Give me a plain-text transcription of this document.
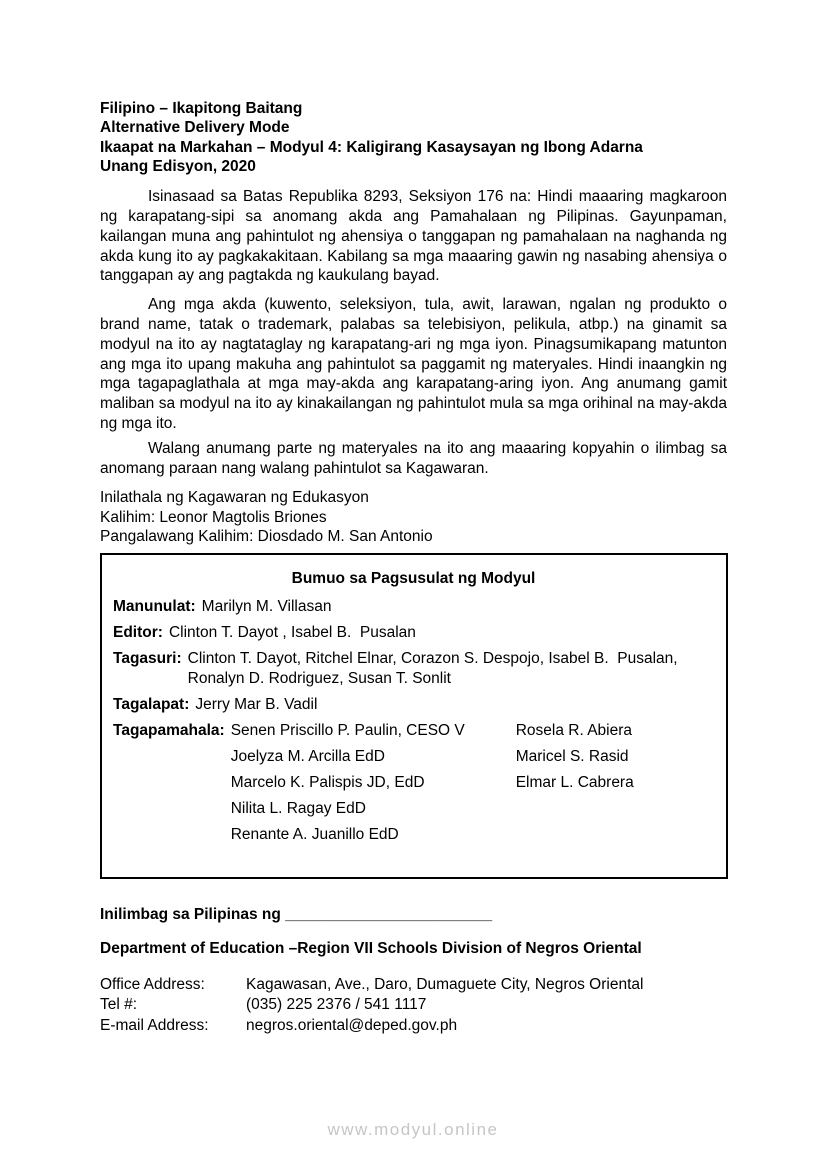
Filipino – Ikapitong Baitang
Alternative Delivery Mode
Ikaapat na Markahan – Modyul 4: Kaligirang Kasaysayan ng Ibong Adarna
Unang Edisyon, 2020

Isinasaad sa Batas Republika 8293, Seksiyon 176 na: Hindi maaaring magkaroon ng karapatang-sipi sa anomang akda ang Pamahalaan ng Pilipinas. Gayunpaman, kailangan muna ang pahintulot ng ahensiya o tanggapan ng pamahalaan na naghanda ng akda kung ito ay pagkakakitaan. Kabilang sa mga maaaring gawin ng nasabing ahensiya o tanggapan ay ang pagtakda ng kaukulang bayad.

Ang mga akda (kuwento, seleksiyon, tula, awit, larawan, ngalan ng produkto o brand name, tatak o trademark, palabas sa telebisiyon, pelikula, atbp.) na ginamit sa modyul na ito ay nagtataglay ng karapatang-ari ng mga iyon. Pinagsumikapang matunton ang mga ito upang makuha ang pahintulot sa paggamit ng materyales. Hindi inaangkin ng mga tagapaglathala at mga may-akda ang karapatang-aring iyon. Ang anumang gamit maliban sa modyul na ito ay kinakailangan ng pahintulot mula sa mga orihinal na may-akda ng mga ito.

Walang anumang parte ng materyales na ito ang maaaring kopyahin o ilimbag sa anomang paraan nang walang pahintulot sa Kagawaran.

Inilathala ng Kagawaran ng Edukasyon
Kalihim: Leonor Magtolis Briones
Pangalawang Kalihim: Diosdado M. San Antonio
Bumuo sa Pagsusulat ng Modyul
Manunulat: Marilyn M. Villasan
Editor: Clinton T. Dayot , Isabel B.  Pusalan
Tagasuri: Clinton T. Dayot, Ritchel Elnar, Corazon S. Despojo, Isabel B.  Pusalan, Ronalyn D. Rodriguez, Susan T. Sonlit
Tagalapat: Jerry Mar B. Vadil
Tagapamahala: Senen Priscillo P. Paulin, CESO V	Rosela R. Abiera
Joelyza M. Arcilla EdD	Maricel S. Rasid
Marcelo K. Palispis JD, EdD	Elmar L. Cabrera
Nilita L. Ragay EdD
Renante A. Juanillo EdD
Inilimbag sa Pilipinas ng ________________________
Department of Education –Region VII Schools Division of Negros Oriental
Office Address:	Kagawasan, Ave., Daro, Dumaguete City, Negros Oriental
Tel #:	(035) 225 2376 / 541 1117
E-mail Address:	negros.oriental@deped.gov.ph
www.modyul.online
